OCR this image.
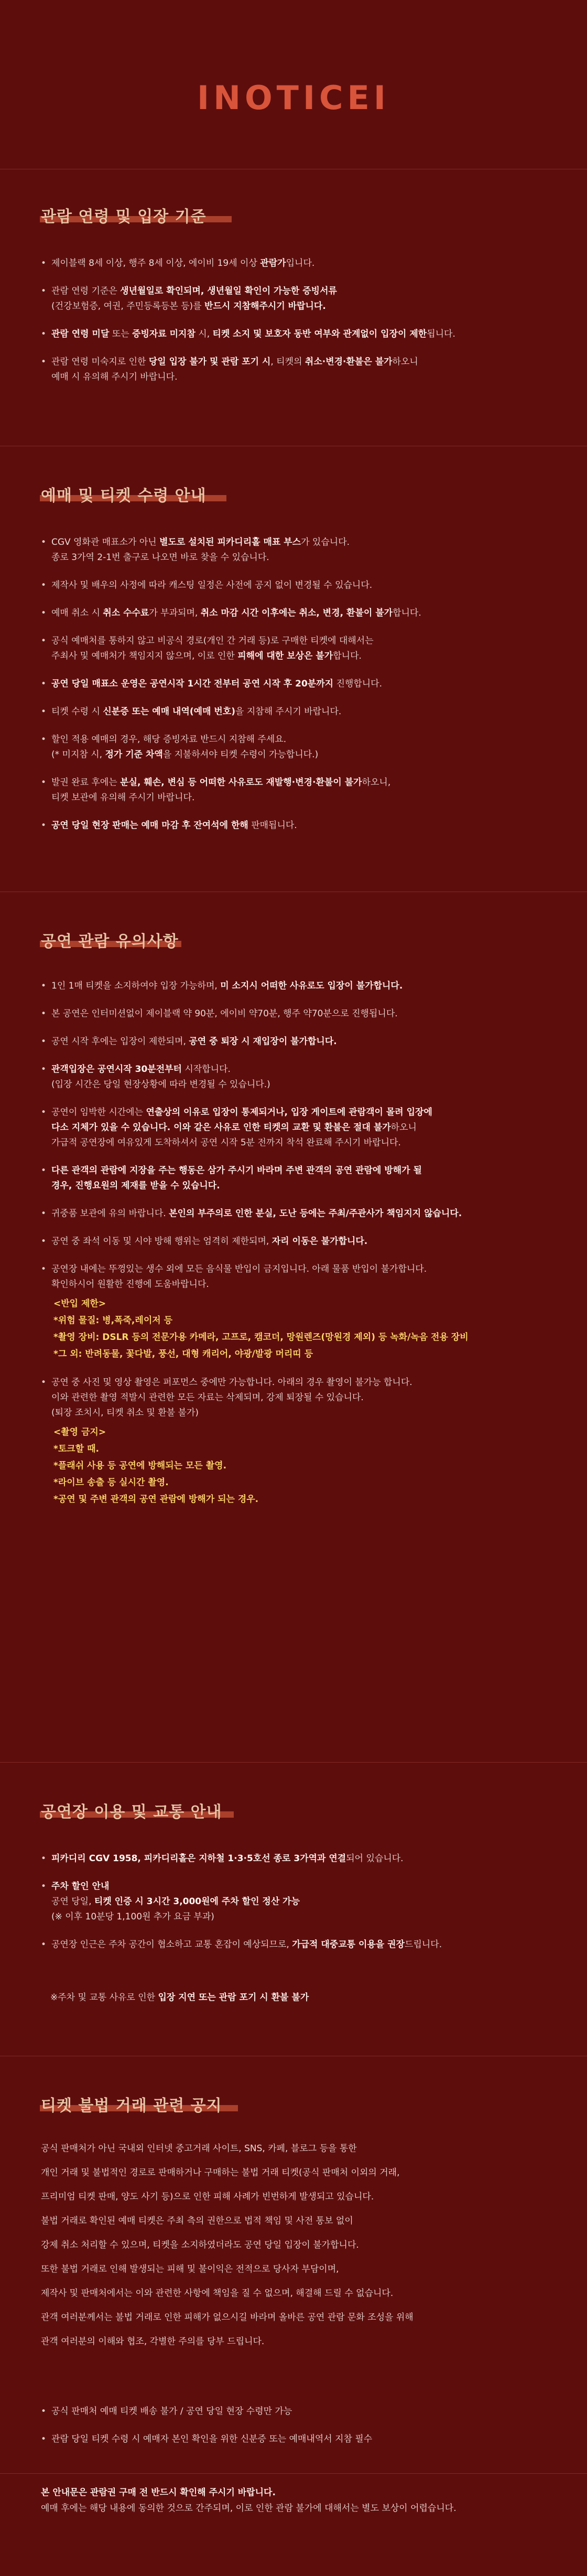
INOTICEI
관람 연령 및 입장 기준
• 제이블랙 8세 이상, 행주 8세 이상, 에이비 19세 이상 관람가입니다.
• 관람 연령 기준은 생년월일로 확인되며, 생년월일 확인이 가능한 증빙서류
(건강보험증, 여권, 주민등록등본 등)를 반드시 지참해주시기 바랍니다.
• 관람 연령 미달 또는 증빙자료 미지참 시, 티켓 소지 및 보호자 동반 여부와 관계없이 입장이 제한됩니다.
• 관람 연령 미숙지로 인한 당일 입장 불가 및 관람 포기 시, 티켓의 취소·변경·환불은 불가하오니
예매 시 유의해 주시기 바랍니다.
예매 및 티켓 수령 안내
• CGV 영화관 매표소가 아닌 별도로 설치된 피카디리홀 매표 부스가 있습니다.
종로 3가역 2-1번 출구로 나오면 바로 찾을 수 있습니다.
• 제작사 및 배우의 사정에 따라 캐스팅 일정은 사전에 공지 없이 변경될 수 있습니다.
• 예매 취소 시 취소 수수료가 부과되며, 취소 마감 시간 이후에는 취소, 변경, 환불이 불가합니다.
• 공식 예매처를 통하지 않고 비공식 경로(개인 간 거래 등)로 구매한 티켓에 대해서는
주최사 및 예매처가 책임지지 않으며, 이로 인한 피해에 대한 보상은 불가합니다.
• 공연 당일 매표소 운영은 공연시작 1시간 전부터 공연 시작 후 20분까지 진행합니다.
• 티켓 수령 시 신분증 또는 예매 내역(예매 번호)을 지참해 주시기 바랍니다.
• 할인 적용 예매의 경우, 해당 증빙자료 반드시 지참해 주세요.
(* 미지참 시, 정가 기준 차액을 지불하셔야 티켓 수령이 가능합니다.)
• 발권 완료 후에는 분실, 훼손, 변심 등 어떠한 사유로도 재발행·변경·환불이 불가하오니,
티켓 보관에 유의해 주시기 바랍니다.
• 공연 당일 현장 판매는 예매 마감 후 잔여석에 한해 판매됩니다.
공연 관람 유의사항
• 1인 1매 티켓을 소지하여야 입장 가능하며, 미 소지시 어떠한 사유로도 입장이 불가합니다.
• 본 공연은 인터미션없이 제이블랙 약 90분, 에이비 약70분, 행주 약70분으로 진행됩니다.
• 공연 시작 후에는 입장이 제한되며, 공연 중 퇴장 시 재입장이 불가합니다.
• 관객입장은 공연시작 30분전부터 시작합니다.
(입장 시간은 당일 현장상황에 따라 변경될 수 있습니다.)
• 공연이 임박한 시간에는 연출상의 이유로 입장이 통제되거나, 입장 게이트에 관람객이 몰려 입장에
다소 지체가 있을 수 있습니다. 이와 같은 사유로 인한 티켓의 교환 및 환불은 절대 불가하오니
가급적 공연장에 여유있게 도착하셔서 공연 시작 5분 전까지 착석 완료해 주시기 바랍니다.
• 다른 관객의 관람에 지장을 주는 행동은 삼가 주시기 바라며 주변 관객의 공연 관람에 방해가 될
경우, 진행요원의 제재를 받을 수 있습니다.
• 귀중품 보관에 유의 바랍니다. 본인의 부주의로 인한 분실, 도난 등에는 주최/주관사가 책임지지 않습니다.
• 공연 중 좌석 이동 및 시야 방해 행위는 엄격히 제한되며, 자리 이동은 불가합니다.
• 공연장 내에는 뚜껑있는 생수 외에 모든 음식물 반입이 금지입니다. 아래 물품 반입이 불가합니다.
확인하시어 원활한 진행에 도움바랍니다.
<반입 제한>
*위험 물질: 병,폭죽,레이저 등
*촬영 장비: DSLR 등의 전문가용 카메라, 고프로, 캠코더, 망원렌즈(망원경 제외) 등 녹화/녹음 전용 장비
*그 외: 반려동물, 꽃다발, 풍선, 대형 캐리어, 야광/발광 머리띠 등
• 공연 중 사진 및 영상 촬영은 퍼포먼스 중에만 가능합니다. 아래의 경우 촬영이 불가능 합니다.
이와 관련한 촬영 적발시 관련한 모든 자료는 삭제되며, 강제 퇴장될 수 있습니다.
(퇴장 조치시, 티켓 취소 및 환불 불가)
<촬영 금지>
*토크할 때.
*플래쉬 사용 등 공연에 방해되는 모든 촬영.
*라이브 송출 등 실시간 촬영.
*공연 및 주변 관객의 공연 관람에 방해가 되는 경우.
공연장 이용 및 교통 안내
• 피카디리 CGV 1958, 피카디리홀은 지하철 1·3·5호선 종로 3가역과 연결되어 있습니다.
• 주차 할인 안내
공연 당일, 티켓 인증 시 3시간 3,000원에 주차 할인 정산 가능
(※ 이후 10분당 1,100원 추가 요금 부과)
• 공연장 인근은 주차 공간이 협소하고 교통 혼잡이 예상되므로, 가급적 대중교통 이용을 권장드립니다.
※주차 및 교통 사유로 인한 입장 지연 또는 관람 포기 시 환불 불가
티켓 불법 거래 관련 공지
공식 판매처가 아닌 국내외 인터넷 중고거래 사이트, SNS, 카페, 블로그 등을 통한
개인 거래 및 불법적인 경로로 판매하거나 구매하는 불법 거래 티켓(공식 판매처 이외의 거래,
프리미엄 티켓 판매, 양도 사기 등)으로 인한 피해 사례가 빈번하게 발생되고 있습니다.
불법 거래로 확인된 예매 티켓은 주최 측의 권한으로 법적 책임 및 사전 통보 없이
강제 취소 처리할 수 있으며, 티켓을 소지하였더라도 공연 당일 입장이 불가합니다.
또한 불법 거래로 인해 발생되는 피해 및 불이익은 전적으로 당사자 부담이며,
제작사 및 판매처에서는 이와 관련한 사항에 책임을 질 수 없으며, 해결해 드릴 수 없습니다.
관객 여러분께서는 불법 거래로 인한 피해가 없으시길 바라며 올바른 공연 관람 문화 조성을 위해
관객 여러분의 이해와 협조, 각별한 주의를 당부 드립니다.
• 공식 판매처 예매 티켓 배송 불가 / 공연 당일 현장 수령만 가능
• 관람 당일 티켓 수령 시 예매자 본인 확인을 위한 신분증 또는 예매내역서 지참 필수
본 안내문은 관람권 구매 전 반드시 확인해 주시기 바랍니다.
예매 후에는 해당 내용에 동의한 것으로 간주되며, 이로 인한 관람 불가에 대해서는 별도 보상이 어렵습니다.
